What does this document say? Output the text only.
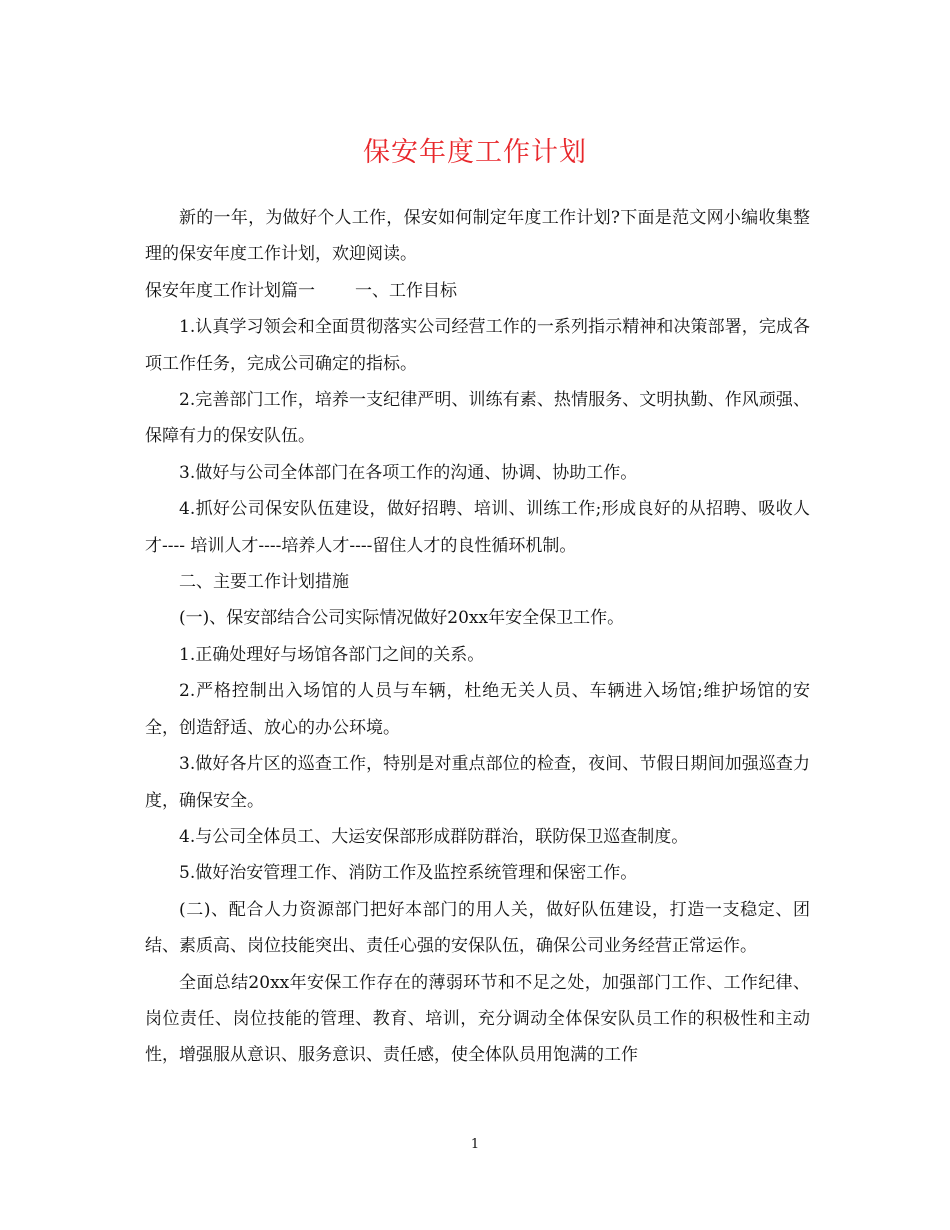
保安年度工作计划

新的一年，为做好个人工作，保安如何制定年度工作计划?下面是范文网小编收集整理的保安年度工作计划，欢迎阅读。

保安年度工作计划篇一 一、工作目标

1.认真学习领会和全面贯彻落实公司经营工作的一系列指示精神和决策部署，完成各项工作任务，完成公司确定的指标。

2.完善部门工作，培养一支纪律严明、训练有素、热情服务、文明执勤、作风顽强、保障有力的保安队伍。

3.做好与公司全体部门在各项工作的沟通、协调、协助工作。

4.抓好公司保安队伍建设，做好招聘、培训、训练工作;形成良好的从招聘、吸收人才---- 培训人才----培养人才----留住人才的良性循环机制。

二、主要工作计划措施

(一)、保安部结合公司实际情况做好20xx年安全保卫工作。

1.正确处理好与场馆各部门之间的关系。

2.严格控制出入场馆的人员与车辆，杜绝无关人员、车辆进入场馆;维护场馆的安全，创造舒适、放心的办公环境。

3.做好各片区的巡查工作，特别是对重点部位的检查，夜间、节假日期间加强巡查力度，确保安全。

4.与公司全体员工、大运安保部形成群防群治，联防保卫巡查制度。

5.做好治安管理工作、消防工作及监控系统管理和保密工作。

(二)、配合人力资源部门把好本部门的用人关，做好队伍建设，打造一支稳定、团结、素质高、岗位技能突出、责任心强的安保队伍，确保公司业务经营正常运作。

全面总结20xx年安保工作存在的薄弱环节和不足之处，加强部门工作、工作纪律、岗位责任、岗位技能的管理、教育、培训，充分调动全体保安队员工作的积极性和主动性，增强服从意识、服务意识、责任感，使全体队员用饱满的工作

1
